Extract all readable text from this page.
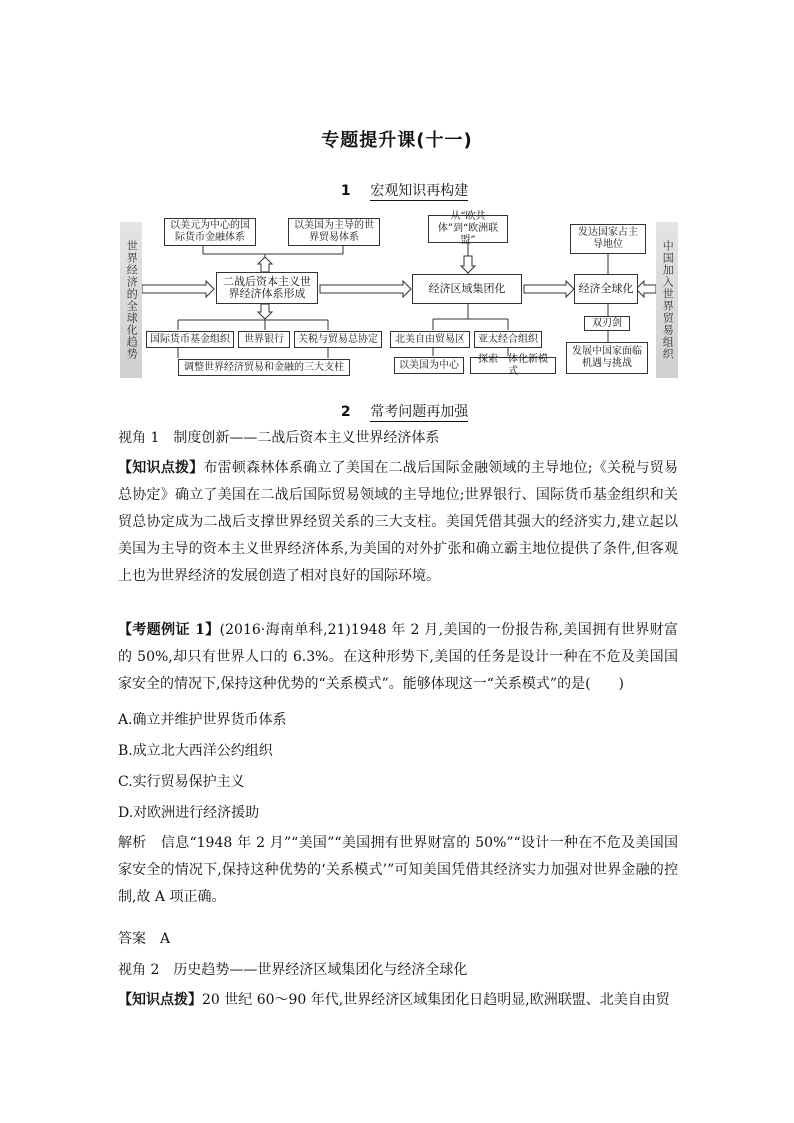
专题提升课(十一)
1 宏观知识再构建
世界经济的全球化趋势	中国加入世界贸易组织
以美元为中心的国际货币金融体系
以美国为主导的世界贸易体系
二战后资本主义世界经济体系形成
国际货币基金组织	世界银行	关税与贸易总协定
调整世界经济贸易和金融的三大支柱
从“欧共体”到“欧洲联盟”
经济区域集团化
北美自由贸易区	亚太经合组织
以美国为中心
探索一体化新模式
发达国家占主导地位
经济全球化
双刃剑
发展中国家面临机遇与挑战
2 常考问题再加强

视角 1　制度创新——二战后资本主义世界经济体系

【知识点拨】布雷顿森林体系确立了美国在二战后国际金融领域的主导地位;《关税与贸易总协定》确立了美国在二战后国际贸易领域的主导地位;世界银行、国际货币基金组织和关贸总协定成为二战后支撑世界经贸关系的三大支柱。美国凭借其强大的经济实力,建立起以美国为主导的资本主义世界经济体系,为美国的对外扩张和确立霸主地位提供了条件,但客观上也为世界经济的发展创造了相对良好的国际环境。

【考题例证 1】(2016·海南单科,21)1948 年 2 月,美国的一份报告称,美国拥有世界财富的 50%,却只有世界人口的 6.3%。在这种形势下,美国的任务是设计一种在不危及美国国家安全的情况下,保持这种优势的“关系模式”。能够体现这一“关系模式”的是(　　)

A.确立并维护世界货币体系

B.成立北大西洋公约组织

C.实行贸易保护主义

D.对欧洲进行经济援助

解析　信息“1948 年 2 月”“美国”“美国拥有世界财富的 50%”“设计一种在不危及美国国家安全的情况下,保持这种优势的‘关系模式’”可知美国凭借其经济实力加强对世界金融的控制,故 A 项正确。

答案　A

视角 2　历史趋势——世界经济区域集团化与经济全球化

【知识点拨】20 世纪 60～90 年代,世界经济区域集团化日趋明显,欧洲联盟、北美自由贸
